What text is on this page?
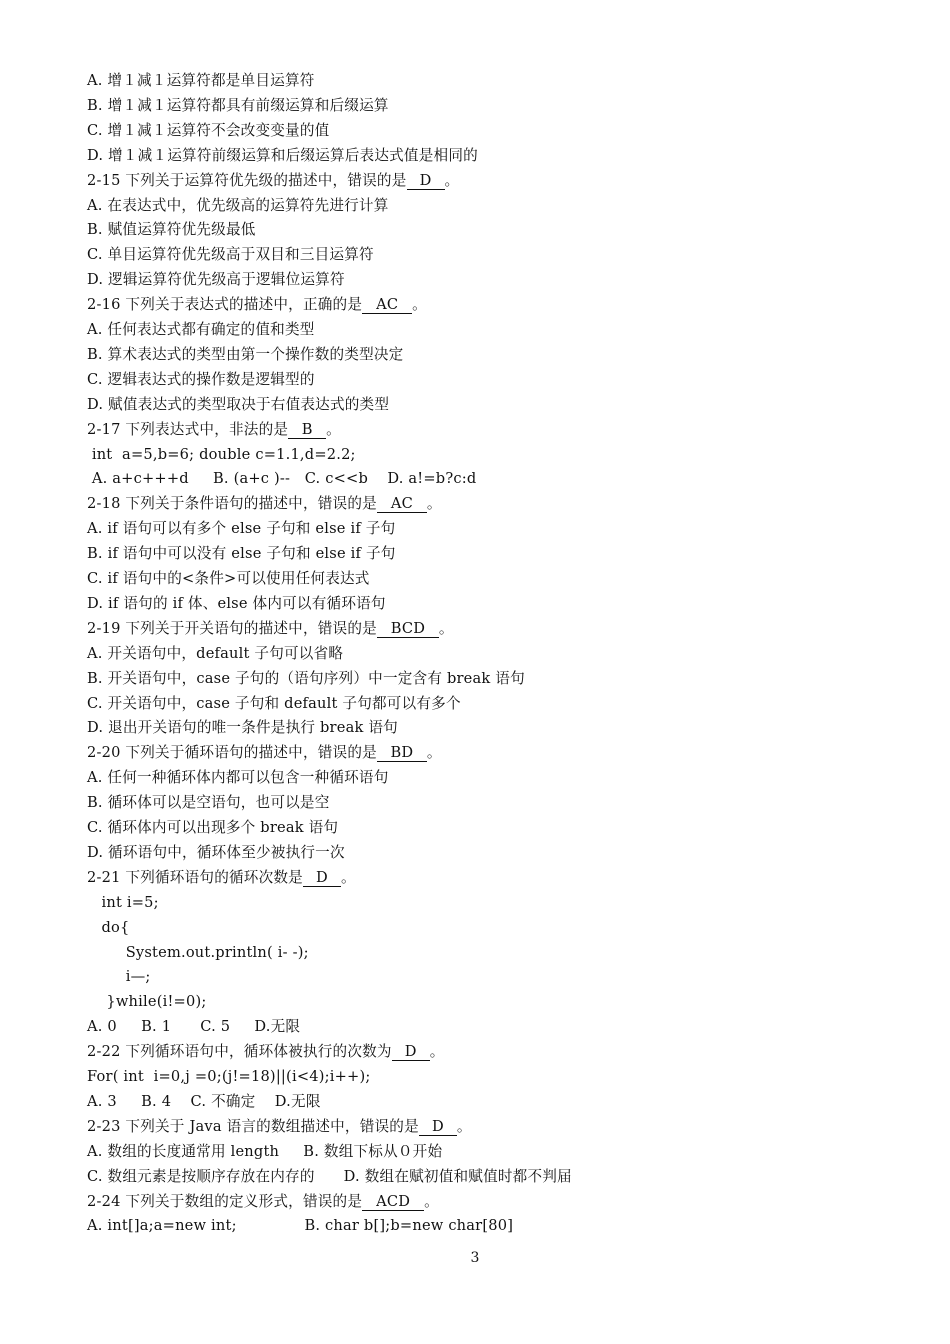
A. 增１减１运算符都是单目运算符
B. 增１减１运算符都具有前缀运算和后缀运算
C. 增１减１运算符不会改变变量的值
D. 增１减１运算符前缀运算和后缀运算后表达式值是相同的
2-15 下列关于运算符优先级的描述中，错误的是 D 。
A. 在表达式中，优先级高的运算符先进行计算
B. 赋值运算符优先级最低
C. 单目运算符优先级高于双目和三目运算符
D. 逻辑运算符优先级高于逻辑位运算符
2-16 下列关于表达式的描述中，正确的是 AC 。
A. 任何表达式都有确定的值和类型
B. 算术表达式的类型由第一个操作数的类型决定
C. 逻辑表达式的操作数是逻辑型的
D. 赋值表达式的类型取决于右值表达式的类型
2-17 下列表达式中，非法的是 B 。
int  a=5,b=6; double c=1.1,d=2.2;
A. a+c+++d     B. (a+c )--   C. c<<b    D. a!=b?c:d
2-18 下列关于条件语句的描述中，错误的是 AC 。
A. if 语句可以有多个 else 子句和 else if 子句
B. if 语句中可以没有 else 子句和 else if 子句
C. if 语句中的<条件>可以使用任何表达式
D. if 语句的 if 体、else 体内可以有循环语句
2-19 下列关于开关语句的描述中，错误的是 BCD 。
A. 开关语句中，default 子句可以省略
B. 开关语句中，case 子句的（语句序列）中一定含有 break 语句
C. 开关语句中，case 子句和 default 子句都可以有多个
D. 退出开关语句的唯一条件是执行 break 语句
2-20 下列关于循环语句的描述中，错误的是 BD 。
A. 任何一种循环体内都可以包含一种循环语句
B. 循环体可以是空语句，也可以是空
C. 循环体内可以出现多个 break 语句
D. 循环语句中，循环体至少被执行一次
2-21 下列循环语句的循环次数是 D 。
int i=5;
do{
System.out.println( i- -);
i—;
}while(i!=0);
A. 0     B. 1      C. 5     D.无限
2-22 下列循环语句中，循环体被执行的次数为 D 。
For( int  i=0,j =0;(j!=18)||(i<4);i++);
A. 3     B. 4    C. 不确定    D.无限
2-23 下列关于 Java 语言的数组描述中，错误的是 D 。
A. 数组的长度通常用 length     B. 数组下标从０开始
C. 数组元素是按顺序存放在内存的      D. 数组在赋初值和赋值时都不判届
2-24 下列关于数组的定义形式，错误的是 ACD 。
A. int[]a;a=new int;              B. char b[];b=new char[80]
3
